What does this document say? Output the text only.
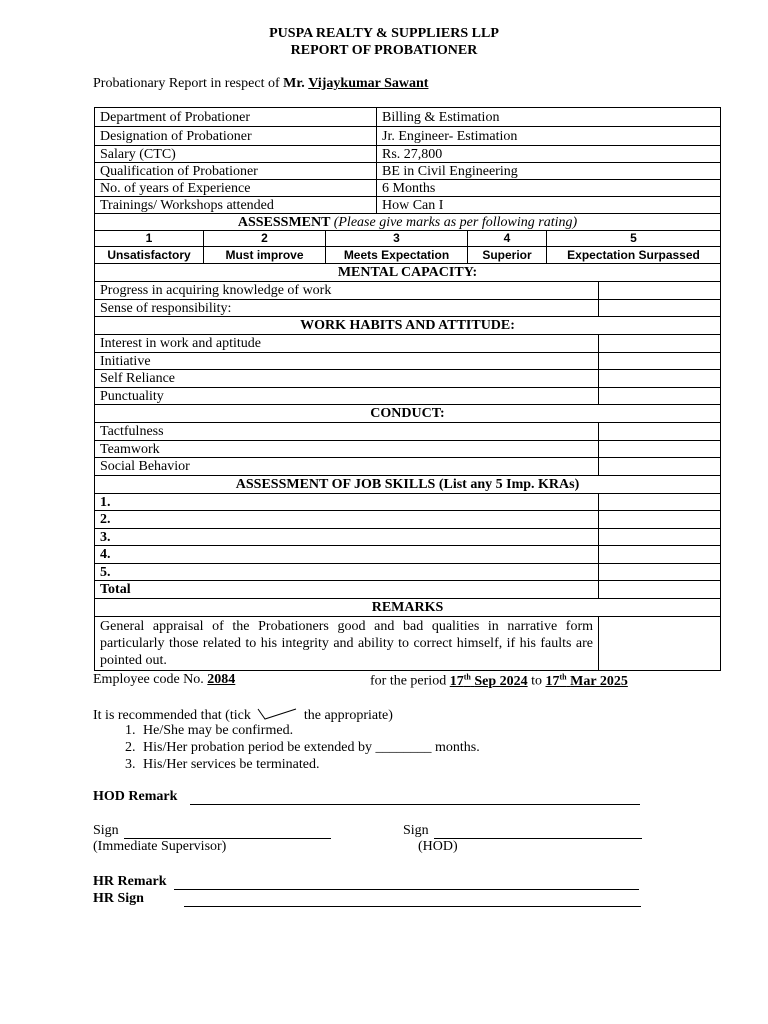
PUSPA REALTY & SUPPLIERS LLP
REPORT OF PROBATIONER
Probationary Report in respect of Mr. Vijaykumar Sawant
Department of Probationer			Billing & Estimation			
Designation of Probationer			Jr. Engineer- Estimation			
Salary (CTC)			Rs. 27,800			
Qualification of Probationer			BE in Civil Engineering			
No. of years of Experience			6 Months			
Trainings/ Workshops attended			How Can I			
ASSESSMENT (Please give marks as per following rating)						
1	2	3		4	5	
Unsatisfactory	Must improve	Meets Expectation		Superior	Expectation Surpassed	
MENTAL CAPACITY:						
Progress in acquiring knowledge of work						
Sense of responsibility:						
WORK HABITS AND ATTITUDE:						
Interest in work and aptitude						
Initiative						
Self Reliance						
Punctuality						
CONDUCT:						
Tactfulness						
Teamwork						
Social Behavior						
ASSESSMENT OF JOB SKILLS (List any 5 Imp. KRAs)						
1.						
2.						
3.						
4.						
5.						
Total						
REMARKS						
General appraisal of the Probationers good and bad qualities in narrative form particularly those related to his integrity and ability to correct himself, if his faults are pointed out.						
Employee code No. 2084	for the period 17th Sep 2024 to 17th Mar 2025
It is recommended that (tick	the appropriate)
1. He/She may be confirmed.
2. His/Her probation period be extended by ________ months.
3. His/Her services be terminated.
HOD Remark
Sign	Sign
(Immediate Supervisor)	(HOD)
HR Remark
HR Sign
